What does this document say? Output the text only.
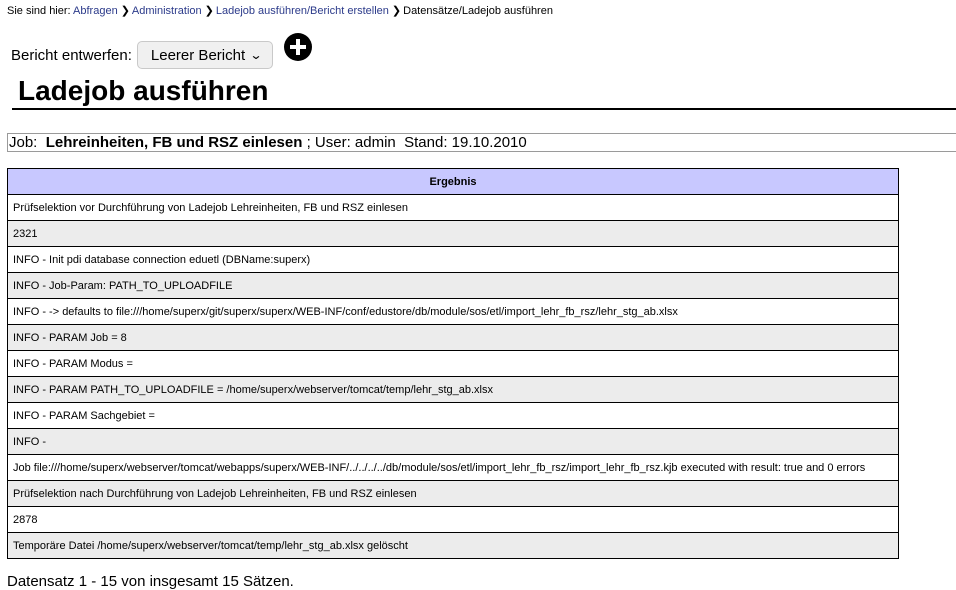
Sie sind hier: Abfragen ❯ Administration ❯ Ladejob ausführen/Bericht erstellen ❯ Datensätze/Ladejob ausführen
Bericht entwerfen: Leerer Bericht ⌄
Ladejob ausführen
Job: Lehreinheiten, FB und RSZ einlesen ; User: admin Stand: 19.10.2010
Ergebnis
Prüfselektion vor Durchführung von Ladejob Lehreinheiten, FB und RSZ einlesen
2321
INFO - Init pdi database connection eduetl (DBName:superx)
INFO - Job-Param: PATH_TO_UPLOADFILE
INFO - -> defaults to file:///home/superx/git/superx/superx/WEB-INF/conf/edustore/db/module/sos/etl/import_lehr_fb_rsz/lehr_stg_ab.xlsx
INFO - PARAM Job = 8
INFO - PARAM Modus =
INFO - PARAM PATH_TO_UPLOADFILE = /home/superx/webserver/tomcat/temp/lehr_stg_ab.xlsx
INFO - PARAM Sachgebiet =
INFO -
Job file:///home/superx/webserver/tomcat/webapps/superx/WEB-INF/../../../../db/module/sos/etl/import_lehr_fb_rsz/import_lehr_fb_rsz.kjb executed with result: true and 0 errors
Prüfselektion nach Durchführung von Ladejob Lehreinheiten, FB und RSZ einlesen
2878
Temporäre Datei /home/superx/webserver/tomcat/temp/lehr_stg_ab.xlsx gelöscht
Datensatz 1 - 15 von insgesamt 15 Sätzen.
